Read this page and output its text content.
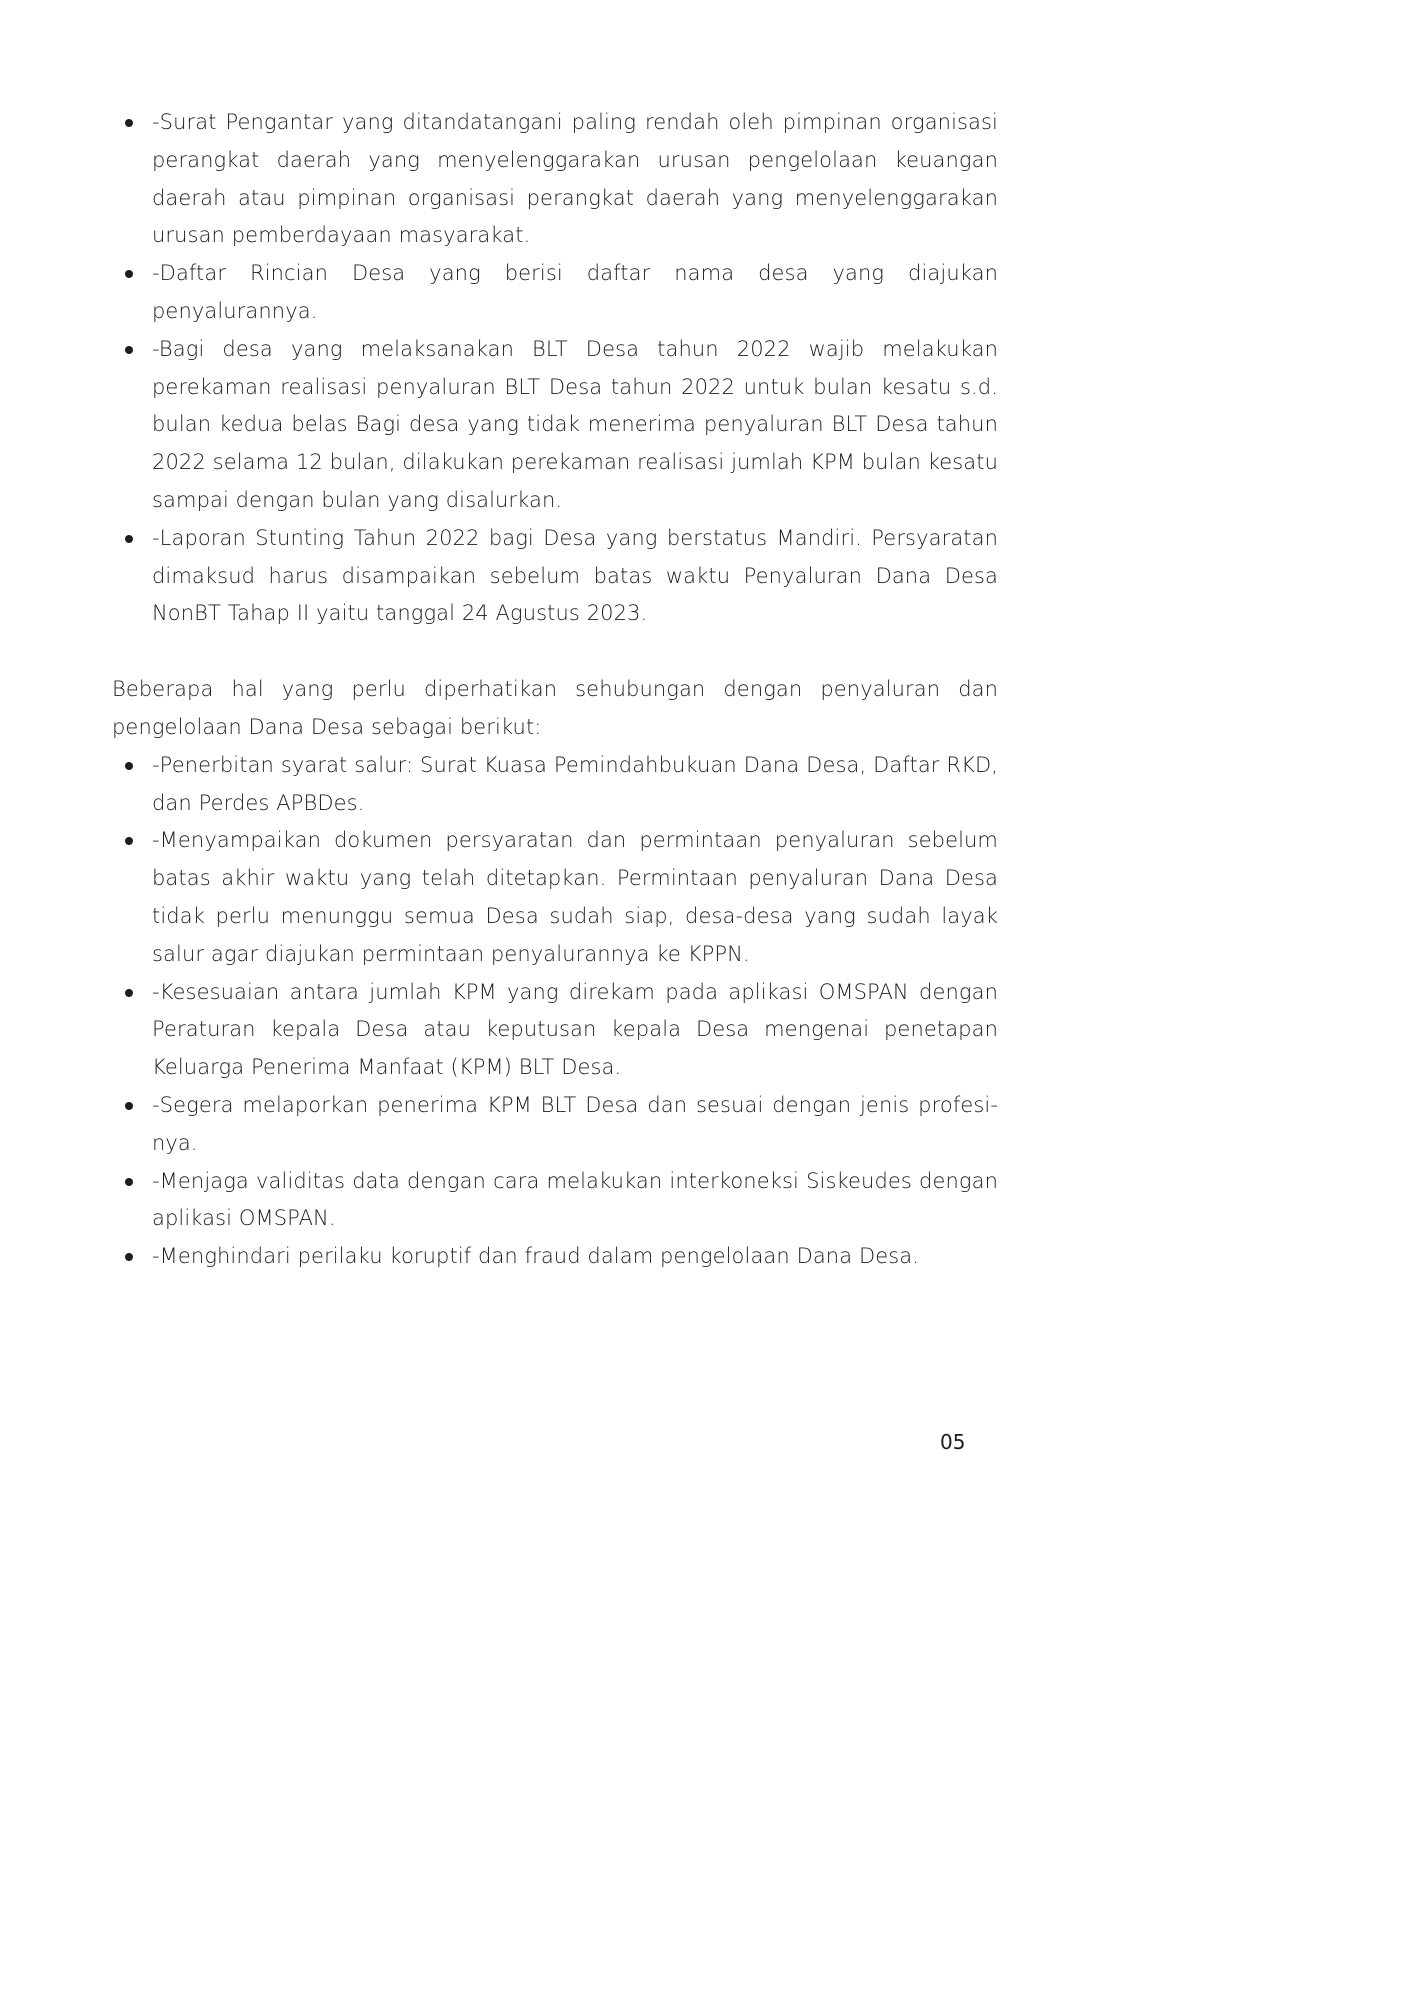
-Surat Pengantar yang ditandatangani paling rendah oleh pimpinan organisasi perangkat daerah yang menyelenggarakan urusan pengelolaan keuangan daerah atau pimpinan organisasi perangkat daerah yang menyelenggarakan urusan pemberdayaan masyarakat.
-Daftar Rincian Desa yang berisi daftar nama desa yang diajukan penyalurannya.
-Bagi desa yang melaksanakan BLT Desa tahun 2022 wajib melakukan perekaman realisasi penyaluran BLT Desa tahun 2022 untuk bulan kesatu s.d. bulan kedua belas Bagi desa yang tidak menerima penyaluran BLT Desa tahun 2022 selama 12 bulan, dilakukan perekaman realisasi jumlah KPM bulan kesatu sampai dengan bulan yang disalurkan.
-Laporan Stunting Tahun 2022 bagi Desa yang berstatus Mandiri. Persyaratan dimaksud harus disampaikan sebelum batas waktu Penyaluran Dana Desa NonBT Tahap II yaitu tanggal 24 Agustus 2023.

Beberapa hal yang perlu diperhatikan sehubungan dengan penyaluran dan pengelolaan Dana Desa sebagai berikut:

-Penerbitan syarat salur: Surat Kuasa Pemindahbukuan Dana Desa, Daftar RKD, dan Perdes APBDes.
-Menyampaikan dokumen persyaratan dan permintaan penyaluran sebelum batas akhir waktu yang telah ditetapkan. Permintaan penyaluran Dana Desa tidak perlu menunggu semua Desa sudah siap, desa-desa yang sudah layak salur agar diajukan permintaan penyalurannya ke KPPN.
-Kesesuaian antara jumlah KPM yang direkam pada aplikasi OMSPAN dengan Peraturan kepala Desa atau keputusan kepala Desa mengenai penetapan Keluarga Penerima Manfaat (KPM) BLT Desa.
-Segera melaporkan penerima KPM BLT Desa dan sesuai dengan jenis profesi-nya.
-Menjaga validitas data dengan cara melakukan interkoneksi Siskeudes dengan aplikasi OMSPAN.
-Menghindari perilaku koruptif dan fraud dalam pengelolaan Dana Desa.
05
